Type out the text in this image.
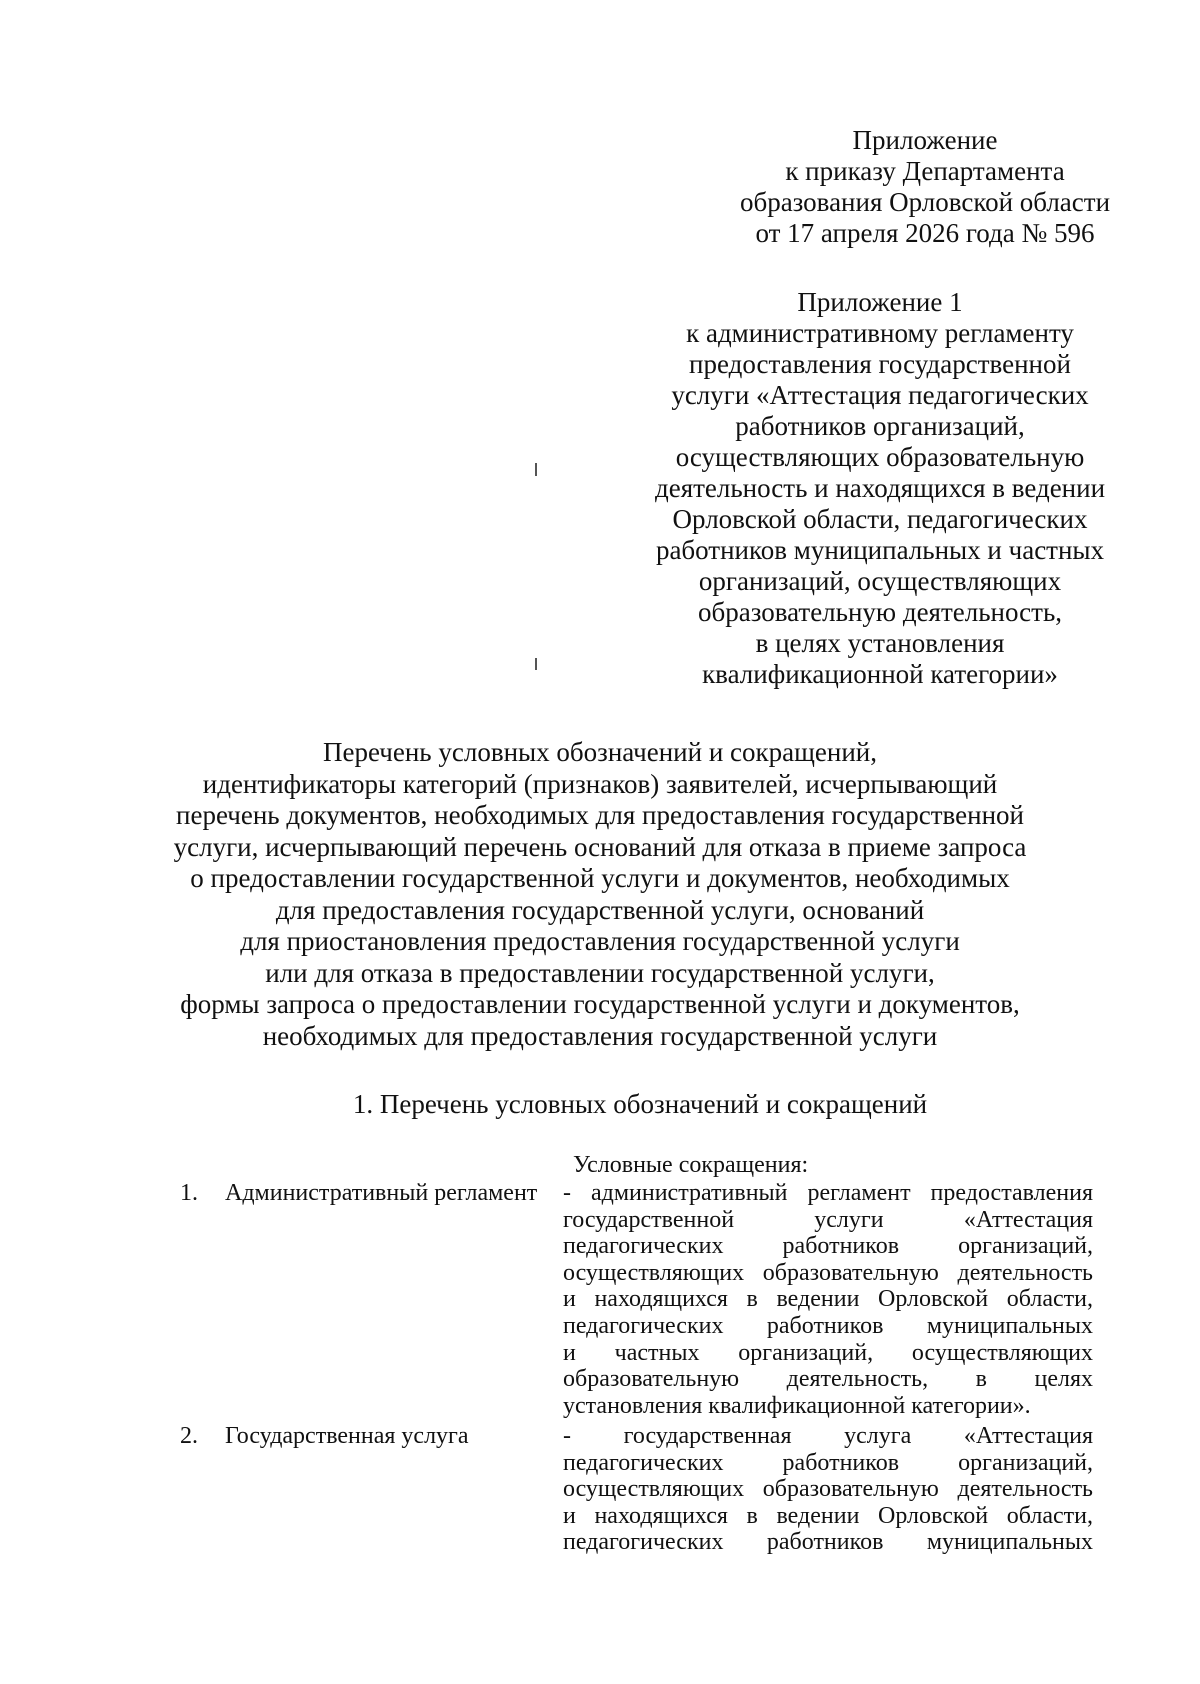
Приложение
к приказу Департамента
образования Орловской области
от 17 апреля 2026 года № 596
Приложение 1
к административному регламенту
предоставления государственной
услуги «Аттестация педагогических
работников организаций,
осуществляющих образовательную
деятельность и находящихся в ведении
Орловской области, педагогических
работников муниципальных и частных
организаций, осуществляющих
образовательную деятельность,
в целях установления
квалификационной категории»
Перечень условных обозначений и сокращений,
идентификаторы категорий (признаков) заявителей, исчерпывающий
перечень документов, необходимых для предоставления государственной
услуги, исчерпывающий перечень оснований для отказа в приеме запроса
о предоставлении государственной услуги и документов, необходимых
для предоставления государственной услуги, оснований
для приостановления предоставления государственной услуги
или для отказа в предоставлении государственной услуги,
формы запроса о предоставлении государственной услуги и документов,
необходимых для предоставления государственной услуги
1. Перечень условных обозначений и сокращений
Условные сокращения:
1. Административный регламент - административный регламент предоставления
государственной услуги «Аттестация
педагогических работников организаций,
осуществляющих образовательную деятельность
и находящихся в ведении Орловской области,
педагогических работников муниципальных
и частных организаций, осуществляющих
образовательную деятельность, в целях
установления квалификационной категории».
2. Государственная услуга	- государственная услуга «Аттестация
педагогических работников организаций,
осуществляющих образовательную деятельность
и находящихся в ведении Орловской области,
педагогических работников муниципальных
